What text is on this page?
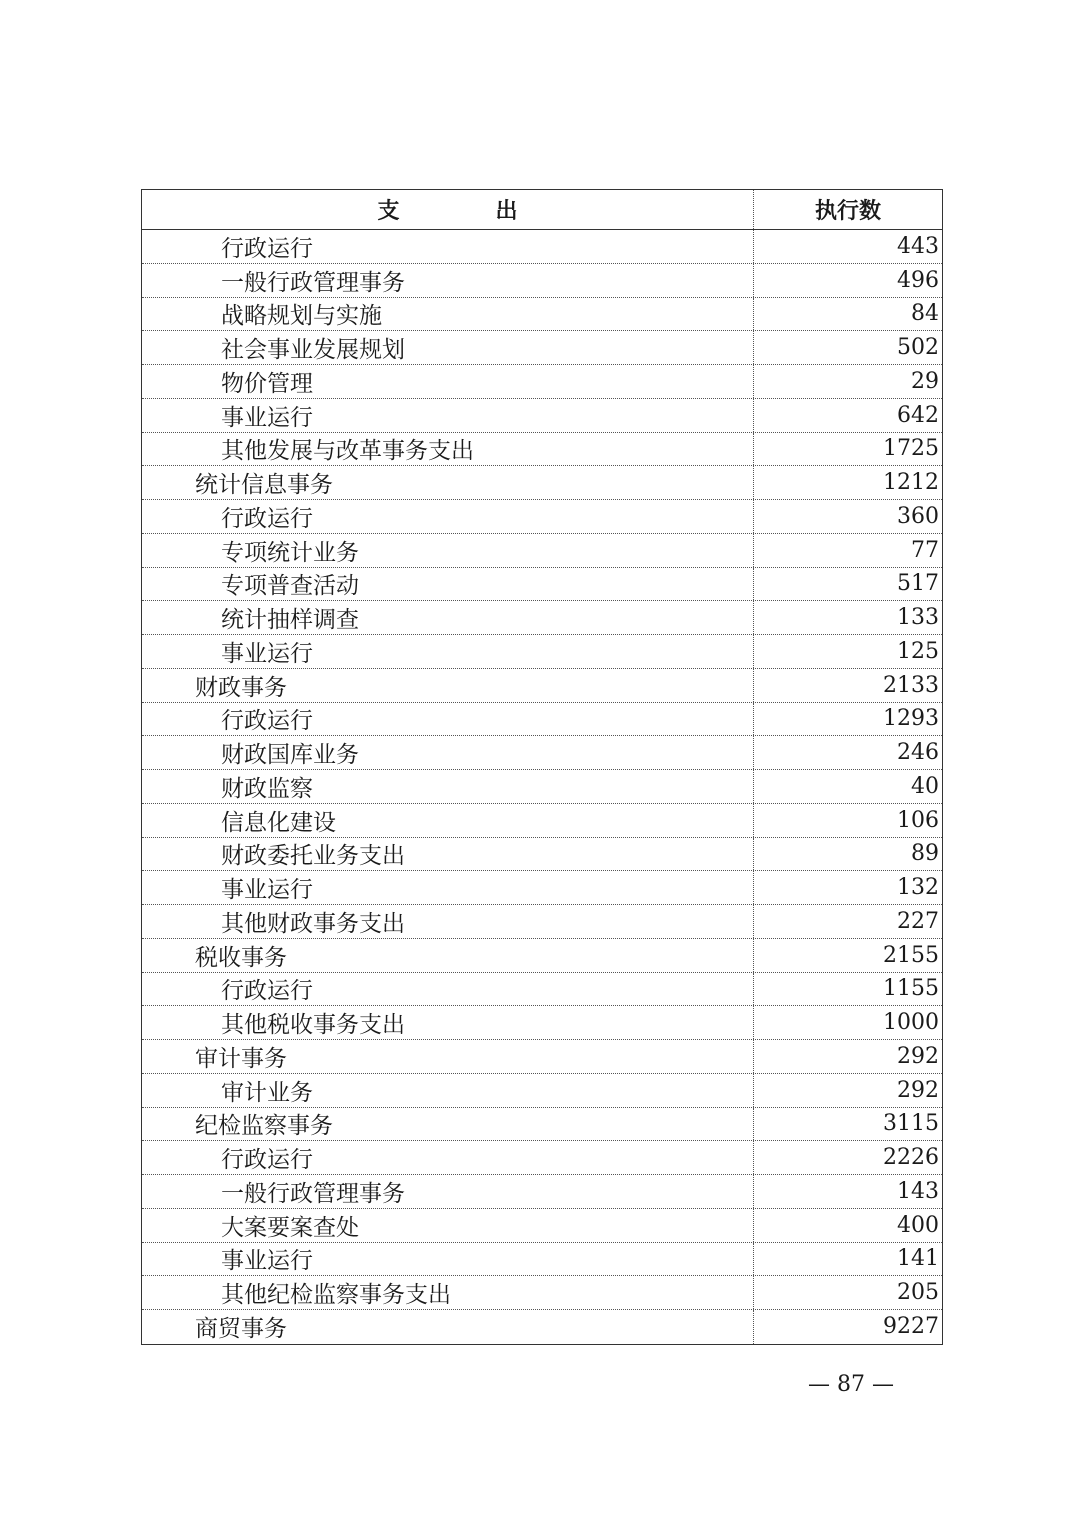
支出	执行数
行政运行	443
一般行政管理事务	496
战略规划与实施	84
社会事业发展规划	502
物价管理	29
事业运行	642
其他发展与改革事务支出	1725
统计信息事务	1212
行政运行	360
专项统计业务	77
专项普查活动	517
统计抽样调查	133
事业运行	125
财政事务	2133
行政运行	1293
财政国库业务	246
财政监察	40
信息化建设	106
财政委托业务支出	89
事业运行	132
其他财政事务支出	227
税收事务	2155
行政运行	1155
其他税收事务支出	1000
审计事务	292
审计业务	292
纪检监察事务	3115
行政运行	2226
一般行政管理事务	143
大案要案查处	400
事业运行	141
其他纪检监察事务支出	205
商贸事务	9227
— 87 —
